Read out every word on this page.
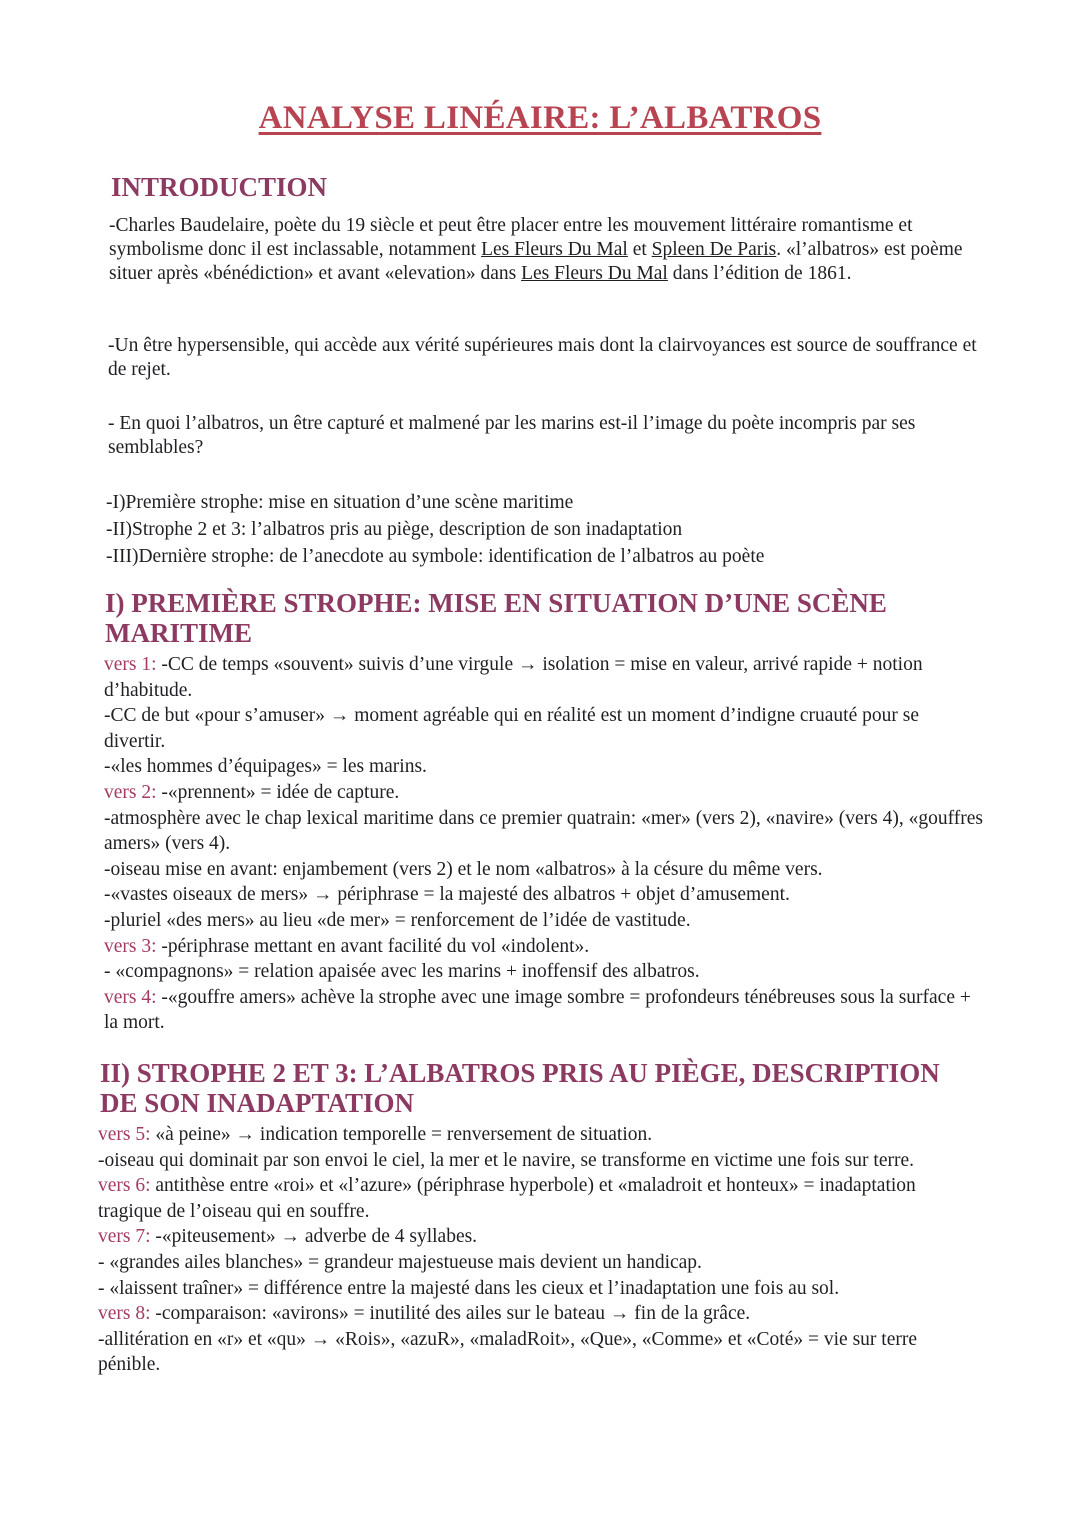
ANALYSE LINÉAIRE: L’ALBATROS
INTRODUCTION

-Charles Baudelaire, poète du 19 siècle et peut être placer entre les mouvement littéraire romantisme et symbolisme donc il est inclassable, notamment Les Fleurs Du Mal et Spleen De Paris. «l’albatros» est poème situer après «bénédiction» et avant «elevation» dans Les Fleurs Du Mal dans l’édition de 1861.

-Un être hypersensible, qui accède aux vérité supérieures mais dont la clairvoyances est source de souffrance et de rejet.

- En quoi l’albatros, un être capturé et malmené par les marins est-il l’image du poète incompris par ses semblables?

-I)Première strophe: mise en situation d’une scène maritime

-II)Strophe 2 et 3: l’albatros pris au piège, description de son inadaptation

-III)Dernière strophe: de l’anecdote au symbole: identification de l’albatros au poète

I) PREMIÈRE STROPHE: MISE EN SITUATION D’UNE SCÈNE MARITIME

vers 1: -CC de temps «souvent» suivis d’une virgule → isolation = mise en valeur, arrivé rapide + notion d’habitude.

-CC de but «pour s’amuser» → moment agréable qui en réalité est un moment d’indigne cruauté pour se divertir.

-«les hommes d’équipages» = les marins.

vers 2: -«prennent» = idée de capture.

-atmosphère avec le chap lexical maritime dans ce premier quatrain: «mer» (vers 2), «navire» (vers 4), «gouffres amers» (vers 4).

-oiseau mise en avant: enjambement (vers 2) et le nom «albatros» à la césure du même vers.

-«vastes oiseaux de mers» → périphrase = la majesté des albatros + objet d’amusement.

-pluriel «des mers» au lieu «de mer» = renforcement de l’idée de vastitude.

vers 3: -périphrase mettant en avant facilité du vol «indolent».

- «compagnons» = relation apaisée avec les marins + inoffensif des albatros.

vers 4: -«gouffre amers» achève la strophe avec une image sombre = profondeurs ténébreuses sous la surface + la mort.

II) STROPHE 2 ET 3: L’ALBATROS PRIS AU PIÈGE, DESCRIPTION DE SON INADAPTATION

vers 5: «à peine» → indication temporelle = renversement de situation.

-oiseau qui dominait par son envoi le ciel, la mer et le navire, se transforme en victime une fois sur terre.

vers 6: antithèse entre «roi» et «l’azure» (périphrase hyperbole) et «maladroit et honteux» = inadaptation tragique de l’oiseau qui en souffre.

vers 7: -«piteusement» → adverbe de 4 syllabes.

- «grandes ailes blanches» = grandeur majestueuse mais devient un handicap.

- «laissent traîner» = différence entre la majesté dans les cieux et l’inadaptation une fois au sol.

vers 8: -comparaison: «avirons» = inutilité des ailes sur le bateau → fin de la grâce.

-allitération en «r» et «qu» → «Rois», «azuR», «maladRoit», «Que», «Comme» et «Coté» = vie sur terre pénible.
